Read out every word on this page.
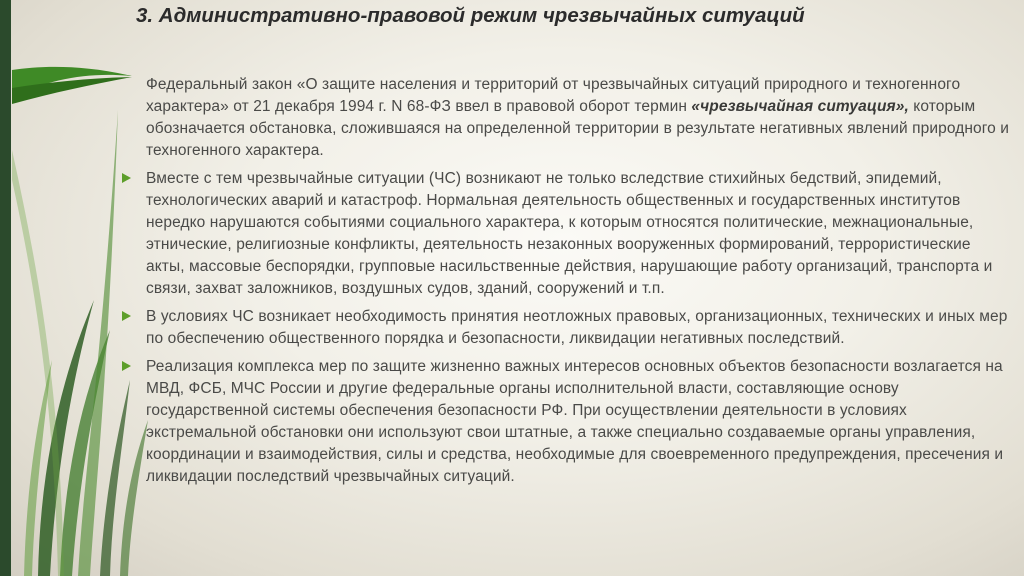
3. Административно-правовой режим чрезвычайных ситуаций
Федеральный закон «О защите населения и территорий от чрезвычайных ситуаций природного и техногенного характера» от 21 декабря 1994 г. N 68-ФЗ ввел в правовой оборот термин «чрезвычайная ситуация», которым обозначается обстановка, сложившаяся на определенной территории в результате негативных явлений природного и техногенного характера.
Вместе с тем чрезвычайные ситуации (ЧС) возникают не только вследствие стихийных бедствий, эпидемий, технологических аварий и катастроф. Нормальная деятельность общественных и государственных институтов нередко нарушаются событиями социального характера, к которым относятся политические, межнациональные, этнические, религиозные конфликты, деятельность незаконных вооруженных формирований, террористические акты, массовые беспорядки, групповые насильственные действия, нарушающие работу организаций, транспорта и связи, захват заложников, воздушных судов, зданий, сооружений и т.п.
В условиях ЧС возникает необходимость принятия неотложных правовых, организационных, технических и иных мер по обеспечению общественного порядка и безопасности, ликвидации негативных последствий.
Реализация комплекса мер по защите жизненно важных интересов основных объектов безопасности возлагается на МВД, ФСБ, МЧС России и другие федеральные органы исполнительной власти, составляющие основу государственной системы обеспечения безопасности РФ. При осуществлении деятельности в условиях экстремальной обстановки они используют свои штатные, а также специально создаваемые органы управления, координации и взаимодействия, силы и средства, необходимые для своевременного предупреждения, пресечения и ликвидации последствий чрезвычайных ситуаций.
